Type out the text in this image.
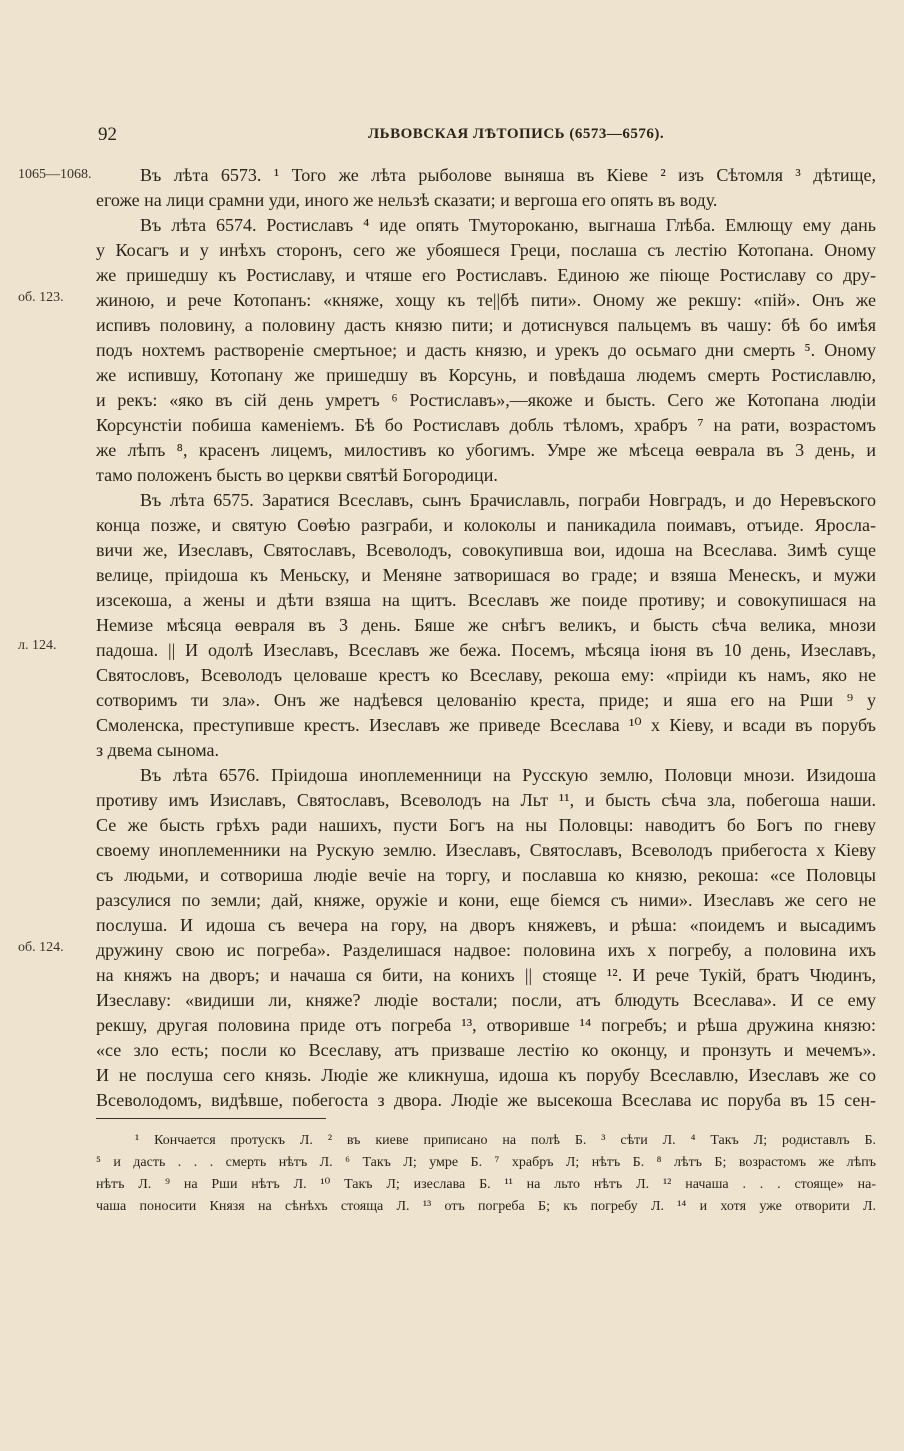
92	ЛЬВОВСКАЯ ЛѢТОПИСЬ (6573—6576).
1065—1068.
об. 123.
л. 124.
об. 124.
Въ лѣта 6573. ¹ Того же лѣта рыболове выняша въ Кіеве ² изъ Сѣтомля ³ дѣтище,
егоже на лици срамни уди, иного же нельзѣ сказати; и вергоша его опять въ воду.
Въ лѣта 6574. Ростиславъ ⁴ иде опять Тмутороканю, выгнаша Глѣба. Емлющу ему дань
у Косагъ и у инѣхъ сторонъ, сего же убояшеся Греци, послаша съ лестію Котопана. Оному
же пришедшу къ Ростиславу, и чтяше его Ростиславъ. Единою же піюще Ростиславу со дру-
жиною, и рече Котопанъ: «княже, хощу къ те||бѣ пити». Оному же рекшу: «пій». Онъ же
испивъ половину, а половину дасть князю пити; и дотиснувся пальцемъ въ чашу: бѣ бо имѣя
подъ нохтемъ раствореніе смертьное; и дасть князю, и урекъ до осьмаго дни смерть ⁵. Оному
же испившу, Котопану же пришедшу въ Корсунь, и повѣдаша людемъ смерть Ростиславлю,
и рекъ: «яко въ сій день умретъ ⁶ Ростиславъ»,—якоже и бысть. Сего же Котопана людіи
Корсунстіи побиша каменіемъ. Бѣ бо Ростиславъ добль тѣломъ, храбръ ⁷ на рати, возрастомъ
же лѣпъ ⁸, красенъ лицемъ, милостивъ ко убогимъ. Умре же мѣсеца ѳеврала въ 3 день, и
тамо положенъ бысть во церкви святѣй Богородици.
Въ лѣта 6575. Заратися Всеславъ, сынъ Брачиславль, пограби Новградъ, и до Неревъского
конца позже, и святую Соѳѣю разграби, и колоколы и паникадила поимавъ, отъиде. Яросла-
вичи же, Изеславъ, Святославъ, Всеволодъ, совокупивша вои, идоша на Всеслава. Зимѣ суще
велице, пріидоша къ Меньску, и Меняне затворишася во граде; и взяша Менескъ, и мужи
изсекоша, а жены и дѣти взяша на щитъ. Всеславъ же поиде противу; и совокупишася на
Немизе мѣсяца ѳевраля въ 3 день. Бяше же снѣгъ великъ, и бысть сѣча велика, мнози
падоша. || И одолѣ Изеславъ, Всеславъ же бежа. Посемъ, мѣсяца іюня въ 10 день, Изеславъ,
Святословъ, Всеволодъ целоваше крестъ ко Всеславу, рекоша ему: «пріиди къ намъ, яко не
сотворимъ ти зла». Онъ же надѣевся целованію креста, приде; и яша его на Рши ⁹ у
Смоленска, преступивше крестъ. Изеславъ же приведе Всеслава ¹⁰ х Кіеву, и всади въ порубъ
з двема сынома.
Въ лѣта 6576. Пріидоша иноплеменници на Русскую землю, Половци мнози. Изидоша
противу имъ Изиславъ, Святославъ, Всеволодъ на Льт ¹¹, и бысть сѣча зла, побегоша наши.
Се же бысть грѣхъ ради нашихъ, пусти Богъ на ны Половцы: наводитъ бо Богъ по гневу
своему иноплеменники на Рускую землю. Изеславъ, Святославъ, Всеволодъ прибегоста х Кіеву
съ людьми, и сотвориша людіе вечіе на торгу, и пославша ко князю, рекоша: «се Половцы
разсулися по земли; дай, княже, оружіе и кони, еще біемся съ ними». Изеславъ же сего не
послуша. И идоша съ вечера на гору, на дворъ княжевъ, и рѣша: «поидемъ и высадимъ
дружину свою ис погреба». Разделишася надвое: половина ихъ х погребу, а половина ихъ
на княжъ на дворъ; и начаша ся бити, на конихъ || стояще ¹². И рече Тукій, братъ Чюдинъ,
Изеславу: «видиши ли, княже? людіе востали; посли, атъ блюдуть Всеслава». И се ему
рекшу, другая половина приде отъ погреба ¹³, отворивше ¹⁴ погребъ; и рѣша дружина князю:
«се зло есть; посли ко Всеславу, атъ призваше лестію ко оконцу, и пронзуть и мечемъ».
И не послуша сего князь. Людіе же кликнуша, идоша къ порубу Всеславлю, Изеславъ же со
Всеволодомъ, видѣвше, побегоста з двора. Людіе же высекоша Всеслава ис поруба въ 15 сен-
¹ Кончается протускъ Л. ² въ киеве приписано на полѣ Б. ³ сѣти Л. ⁴ Такъ Л; родиставлъ Б.
⁵ и дасть . . . смерть нѣтъ Л. ⁶ Такъ Л; умре Б. ⁷ храбръ Л; нѣтъ Б. ⁸ лѣтъ Б; возрастомъ же лѣпъ
нѣтъ Л. ⁹ на Рши нѣтъ Л. ¹⁰ Такъ Л; изеслава Б. ¹¹ на льто нѣтъ Л. ¹² начаша . . . стояще» на-
чаша поносити Князя на сѣнѣхъ стояща Л. ¹³ отъ погреба Б; къ погребу Л. ¹⁴ и хотя уже отворити Л.
